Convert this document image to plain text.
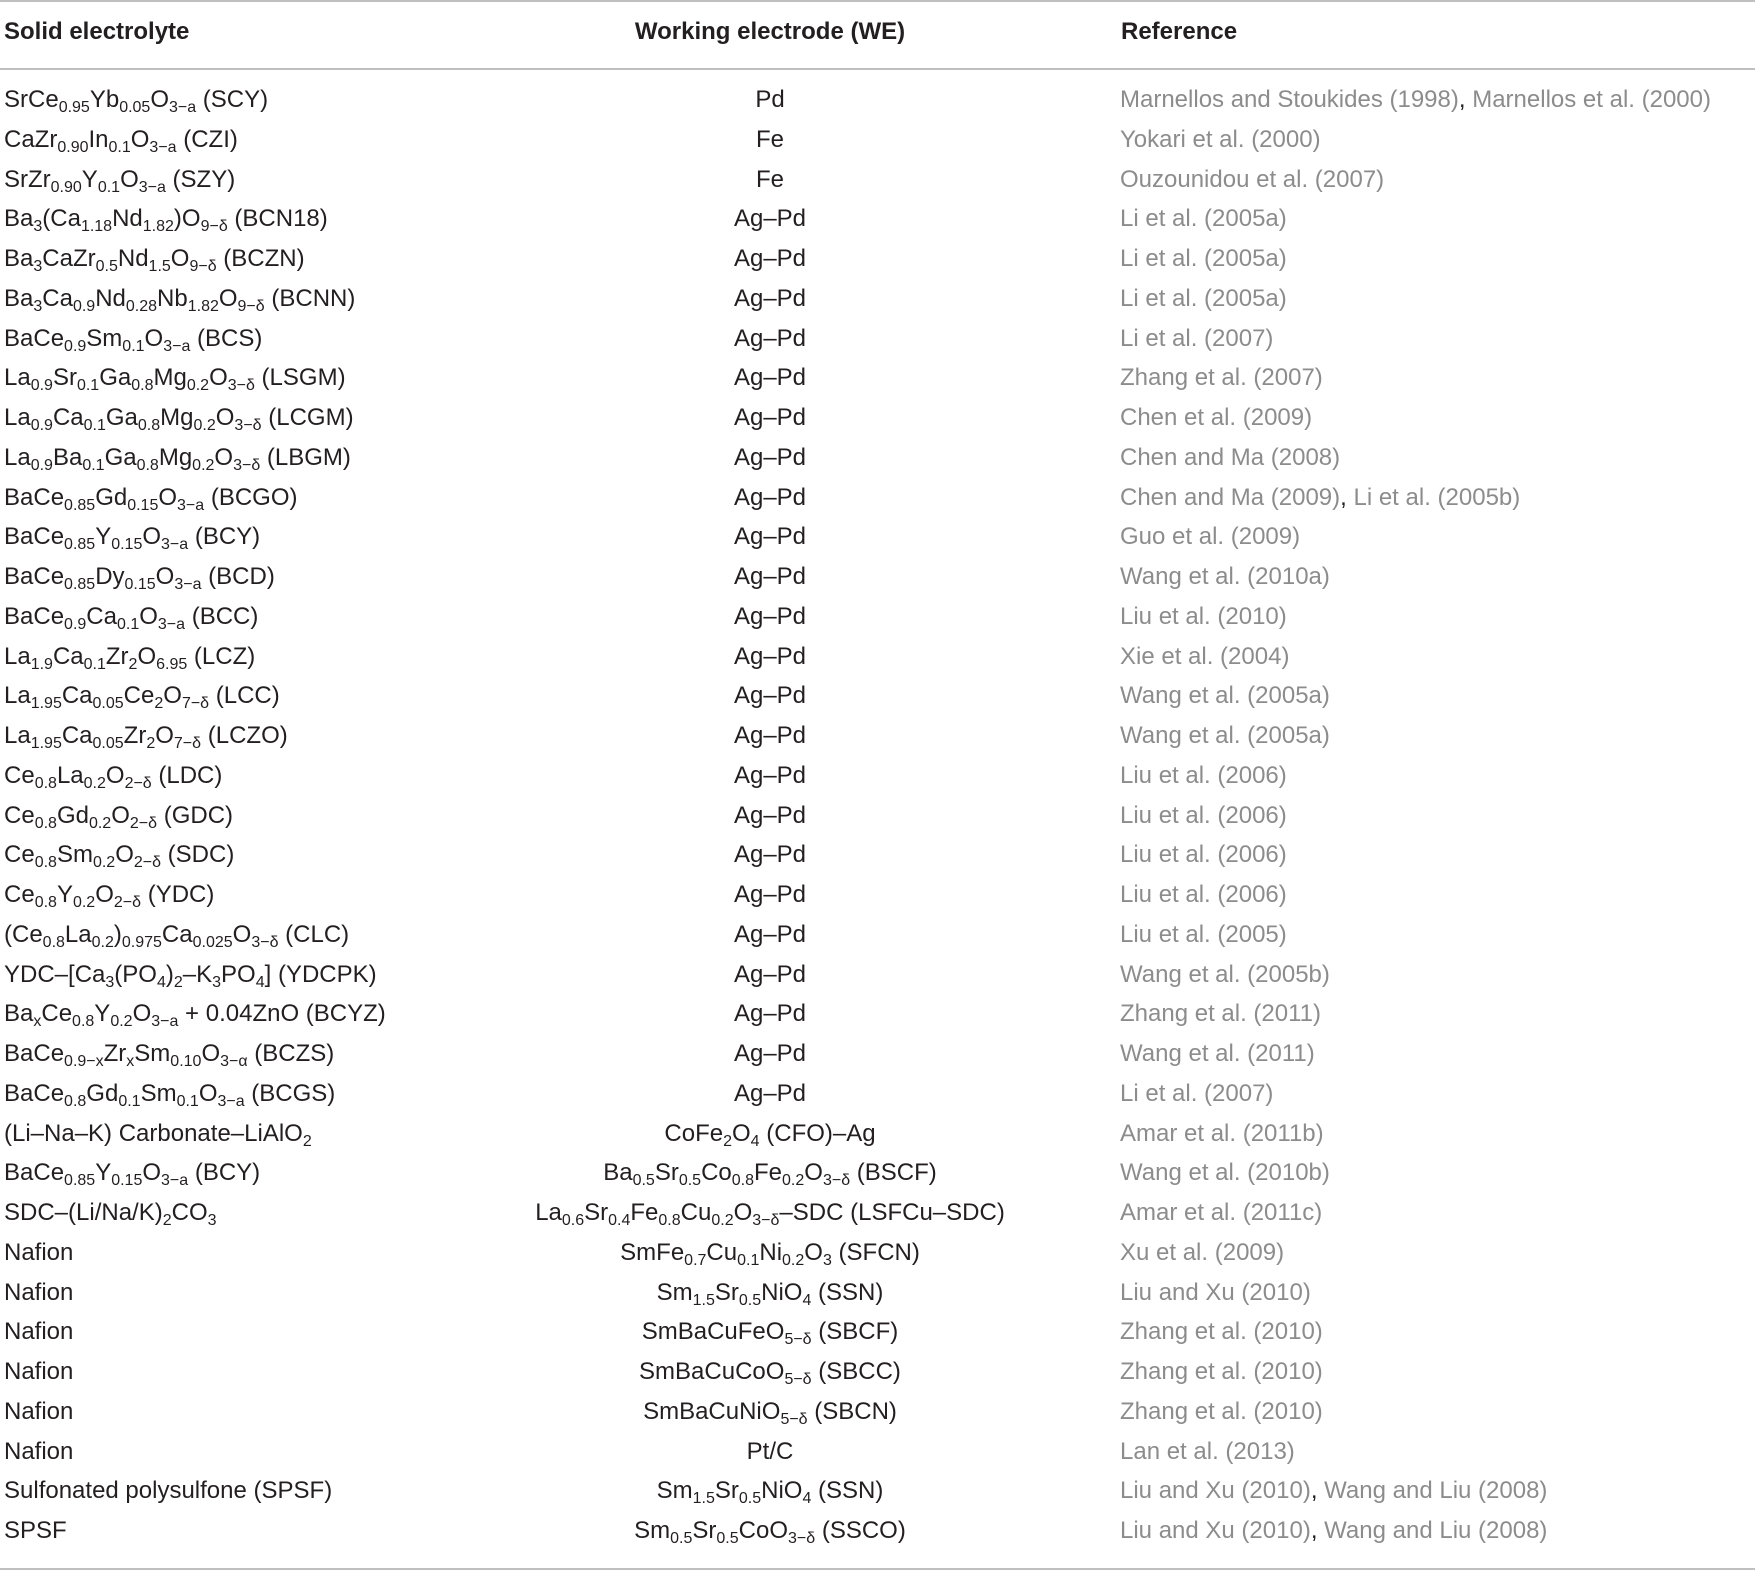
Solid electrolyte	Working electrode (WE)	Reference
$SrCe_{0.95}Yb_{0.05}O_{3-a}$ (SCY)	Pd	Marnellos and Stoukides (1998), Marnellos et al. (2000)
$CaZr_{0.90}In_{0.1}O_{3-a}$ (CZI)	Fe	Yokari et al. (2000)
$SrZr_{0.90}Y_{0.1}O_{3-a}$ (SZY)	Fe	Ouzounidou et al. (2007)
$Ba_3(Ca_{1.18}Nd_{1.82})O_{9-\delta}$ (BCN18)	Ag–Pd	Li et al. (2005a)
$Ba_3CaZr_{0.5}Nd_{1.5}O_{9-\delta}$ (BCZN)	Ag–Pd	Li et al. (2005a)
$Ba_3Ca_{0.9}Nd_{0.28}Nb_{1.82}O_{9-\delta}$ (BCNN)	Ag–Pd	Li et al. (2005a)
$BaCe_{0.9}Sm_{0.1}O_{3-a}$ (BCS)	Ag–Pd	Li et al. (2007)
$La_{0.9}Sr_{0.1}Ga_{0.8}Mg_{0.2}O_{3-\delta}$ (LSGM)	Ag–Pd	Zhang et al. (2007)
$La_{0.9}Ca_{0.1}Ga_{0.8}Mg_{0.2}O_{3-\delta}$ (LCGM)	Ag–Pd	Chen et al. (2009)
$La_{0.9}Ba_{0.1}Ga_{0.8}Mg_{0.2}O_{3-\delta}$ (LBGM)	Ag–Pd	Chen and Ma (2008)
$BaCe_{0.85}Gd_{0.15}O_{3-a}$ (BCGO)	Ag–Pd	Chen and Ma (2009), Li et al. (2005b)
$BaCe_{0.85}Y_{0.15}O_{3-a}$ (BCY)	Ag–Pd	Guo et al. (2009)
$BaCe_{0.85}Dy_{0.15}O_{3-a}$ (BCD)	Ag–Pd	Wang et al. (2010a)
$BaCe_{0.9}Ca_{0.1}O_{3-a}$ (BCC)	Ag–Pd	Liu et al. (2010)
$La_{1.9}Ca_{0.1}Zr_2O_{6.95}$ (LCZ)	Ag–Pd	Xie et al. (2004)
$La_{1.95}Ca_{0.05}Ce_2O_{7-\delta}$ (LCC)	Ag–Pd	Wang et al. (2005a)
$La_{1.95}Ca_{0.05}Zr_2O_{7-\delta}$ (LCZO)	Ag–Pd	Wang et al. (2005a)
$Ce_{0.8}La_{0.2}O_{2-\delta}$ (LDC)	Ag–Pd	Liu et al. (2006)
$Ce_{0.8}Gd_{0.2}O_{2-\delta}$ (GDC)	Ag–Pd	Liu et al. (2006)
$Ce_{0.8}Sm_{0.2}O_{2-\delta}$ (SDC)	Ag–Pd	Liu et al. (2006)
$Ce_{0.8}Y_{0.2}O_{2-\delta}$ (YDC)	Ag–Pd	Liu et al. (2006)
$(Ce_{0.8}La_{0.2})_{0.975}Ca_{0.025}O_{3-\delta}$ (CLC)	Ag–Pd	Liu et al. (2005)
YDC–$[Ca_3(PO_4)_2-K_3PO_4]$ (YDCPK)	Ag–Pd	Wang et al. (2005b)
$Ba_xCe_{0.8}Y_{0.2}O_{3-a} + 0.04ZnO$ (BCYZ)	Ag–Pd	Zhang et al. (2011)
$BaCe_{0.9-x}Zr_xSm_{0.10}O_{3-\alpha}$ (BCZS)	Ag–Pd	Wang et al. (2011)
$BaCe_{0.8}Gd_{0.1}Sm_{0.1}O_{3-a}$ (BCGS)	Ag–Pd	Li et al. (2007)
(Li–Na–K) Carbonate–LiAlO$_2$	$CoFe_2O_4$ (CFO)–Ag	Amar et al. (2011b)
$BaCe_{0.85}Y_{0.15}O_{3-a}$ (BCY)	$Ba_{0.5}Sr_{0.5}Co_{0.8}Fe_{0.2}O_{3-\delta}$ (BSCF)	Wang et al. (2010b)
SDC–$(Li/Na/K)_2CO_3$	$La_{0.6}Sr_{0.4}Fe_{0.8}Cu_{0.2}O_{3-\delta}$–SDC (LSFCu–SDC)	Amar et al. (2011c)
Nafion	$SmFe_{0.7}Cu_{0.1}Ni_{0.2}O_3$ (SFCN)	Xu et al. (2009)
Nafion	$Sm_{1.5}Sr_{0.5}NiO_4$ (SSN)	Liu and Xu (2010)
Nafion	SmBaCuFeO$_{5-\delta}$ (SBCF)	Zhang et al. (2010)
Nafion	SmBaCuCoO$_{5-\delta}$ (SBCC)	Zhang et al. (2010)
Nafion	SmBaCuNiO$_{5-\delta}$ (SBCN)	Zhang et al. (2010)
Nafion	Pt/C	Lan et al. (2013)
Sulfonated polysulfone (SPSF)	$Sm_{1.5}Sr_{0.5}NiO_4$ (SSN)	Liu and Xu (2010), Wang and Liu (2008)
SPSF	$Sm_{0.5}Sr_{0.5}CoO_{3-\delta}$ (SSCO)	Liu and Xu (2010), Wang and Liu (2008)
